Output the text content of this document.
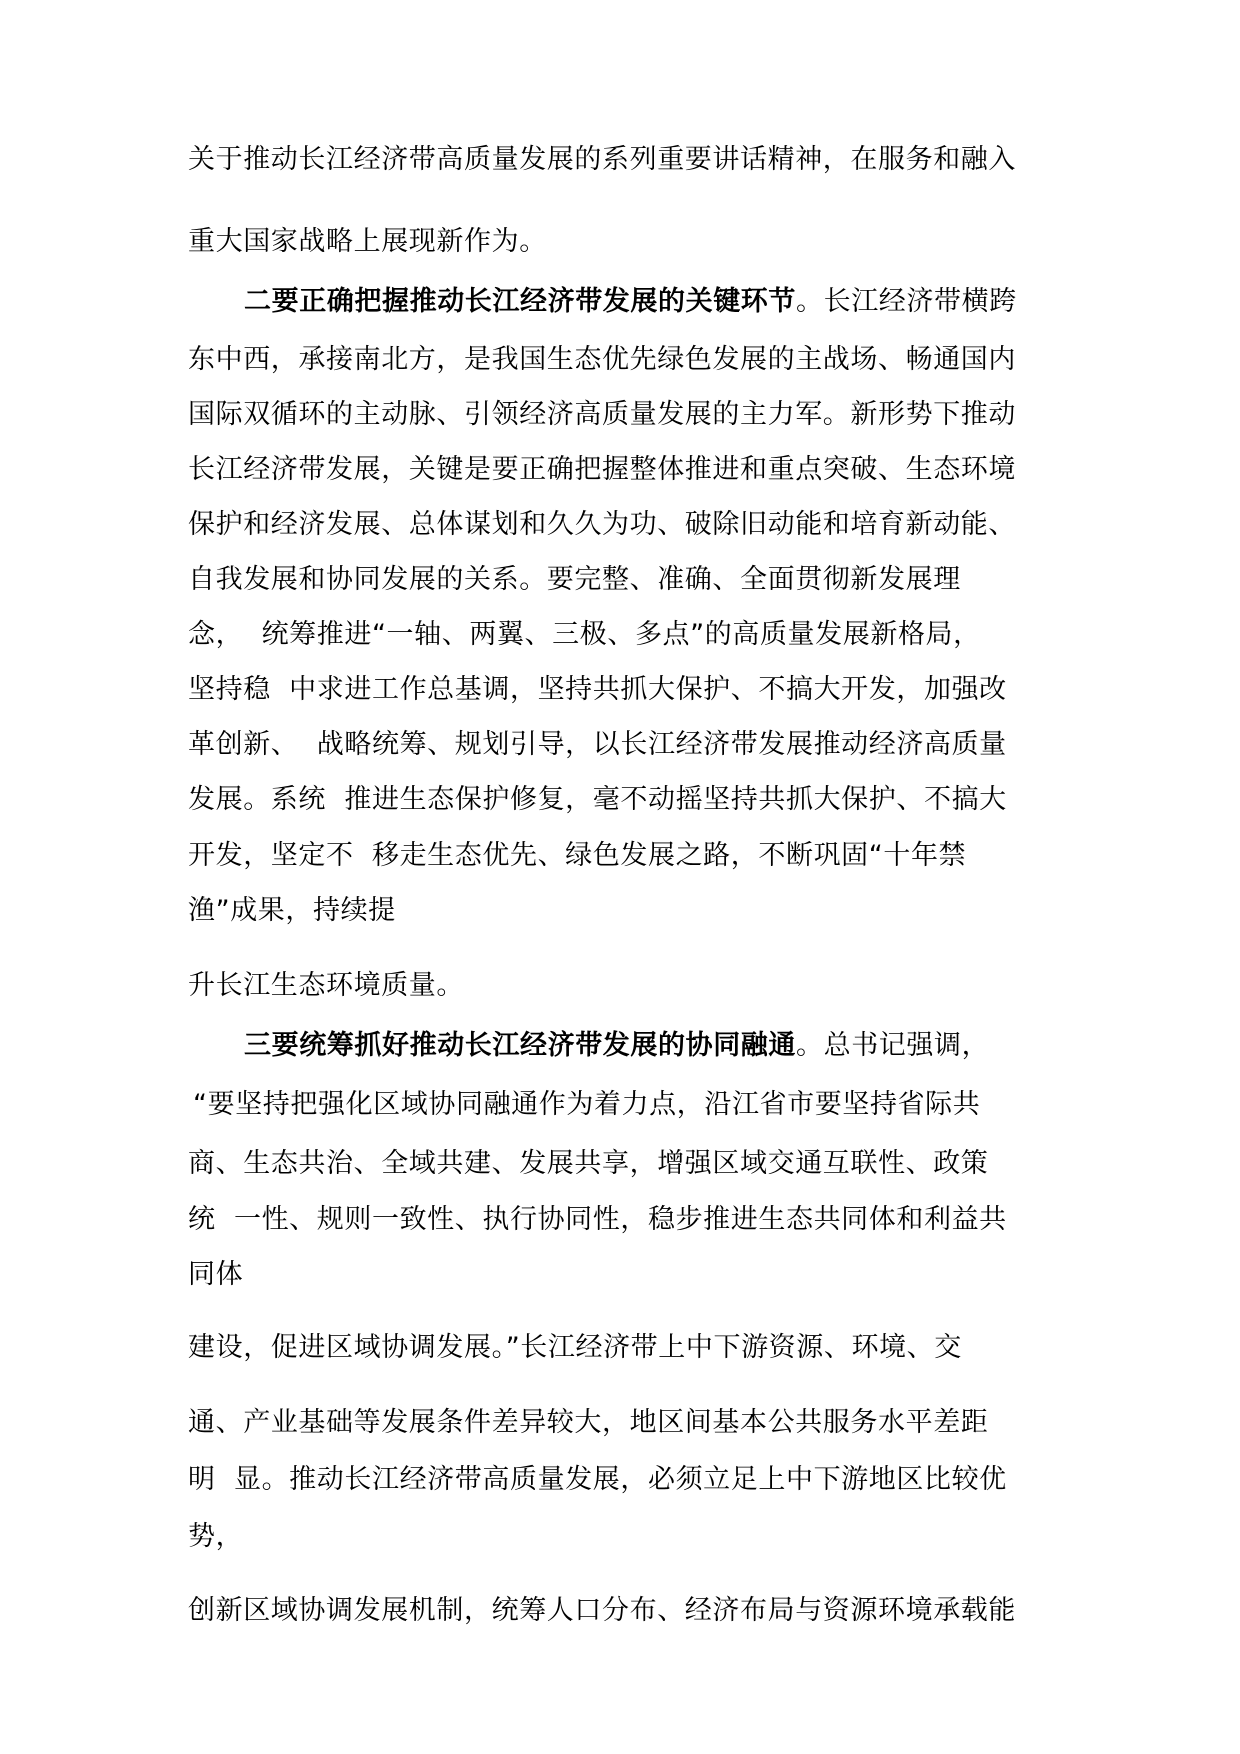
关于推动长江经济带高质量发展的系列重要讲话精神，在服务和融入
重大国家战略上展现新作为。
二要正确把握推动长江经济带发展的关键环节。长江经济带横跨
东中西，承接南北方，是我国生态优先绿色发展的主战场、畅通国内
国际双循环的主动脉、引领经济高质量发展的主力军。新形势下推动
长江经济带发展，关键是要正确把握整体推进和重点突破、生态环境
保护和经济发展、总体谋划和久久为功、破除旧动能和培育新动能、
自我发展和协同发展的关系。要完整、准确、全面贯彻新发展理
念，  统筹推进“一轴、两翼、三极、多点”的高质量发展新格局，
坚持稳  中求进工作总基调，坚持共抓大保护、不搞大开发，加强改
革创新、  战略统筹、规划引导，以长江经济带发展推动经济高质量
发展。系统  推进生态保护修复，毫不动摇坚持共抓大保护、不搞大
开发，坚定不  移走生态优先、绿色发展之路，不断巩固“十年禁
渔”成果，持续提
升长江生态环境质量。
三要统筹抓好推动长江经济带发展的协同融通。总书记强调，
“要坚持把强化区域协同融通作为着力点，沿江省市要坚持省际共
商、生态共治、全域共建、发展共享，增强区域交通互联性、政策
统  一性、规则一致性、执行协同性，稳步推进生态共同体和利益共
同体
建设，促进区域协调发展。”长江经济带上中下游资源、环境、交
通、产业基础等发展条件差异较大，地区间基本公共服务水平差距
明  显。推动长江经济带高质量发展，必须立足上中下游地区比较优
势，
创新区域协调发展机制，统筹人口分布、经济布局与资源环境承载能
